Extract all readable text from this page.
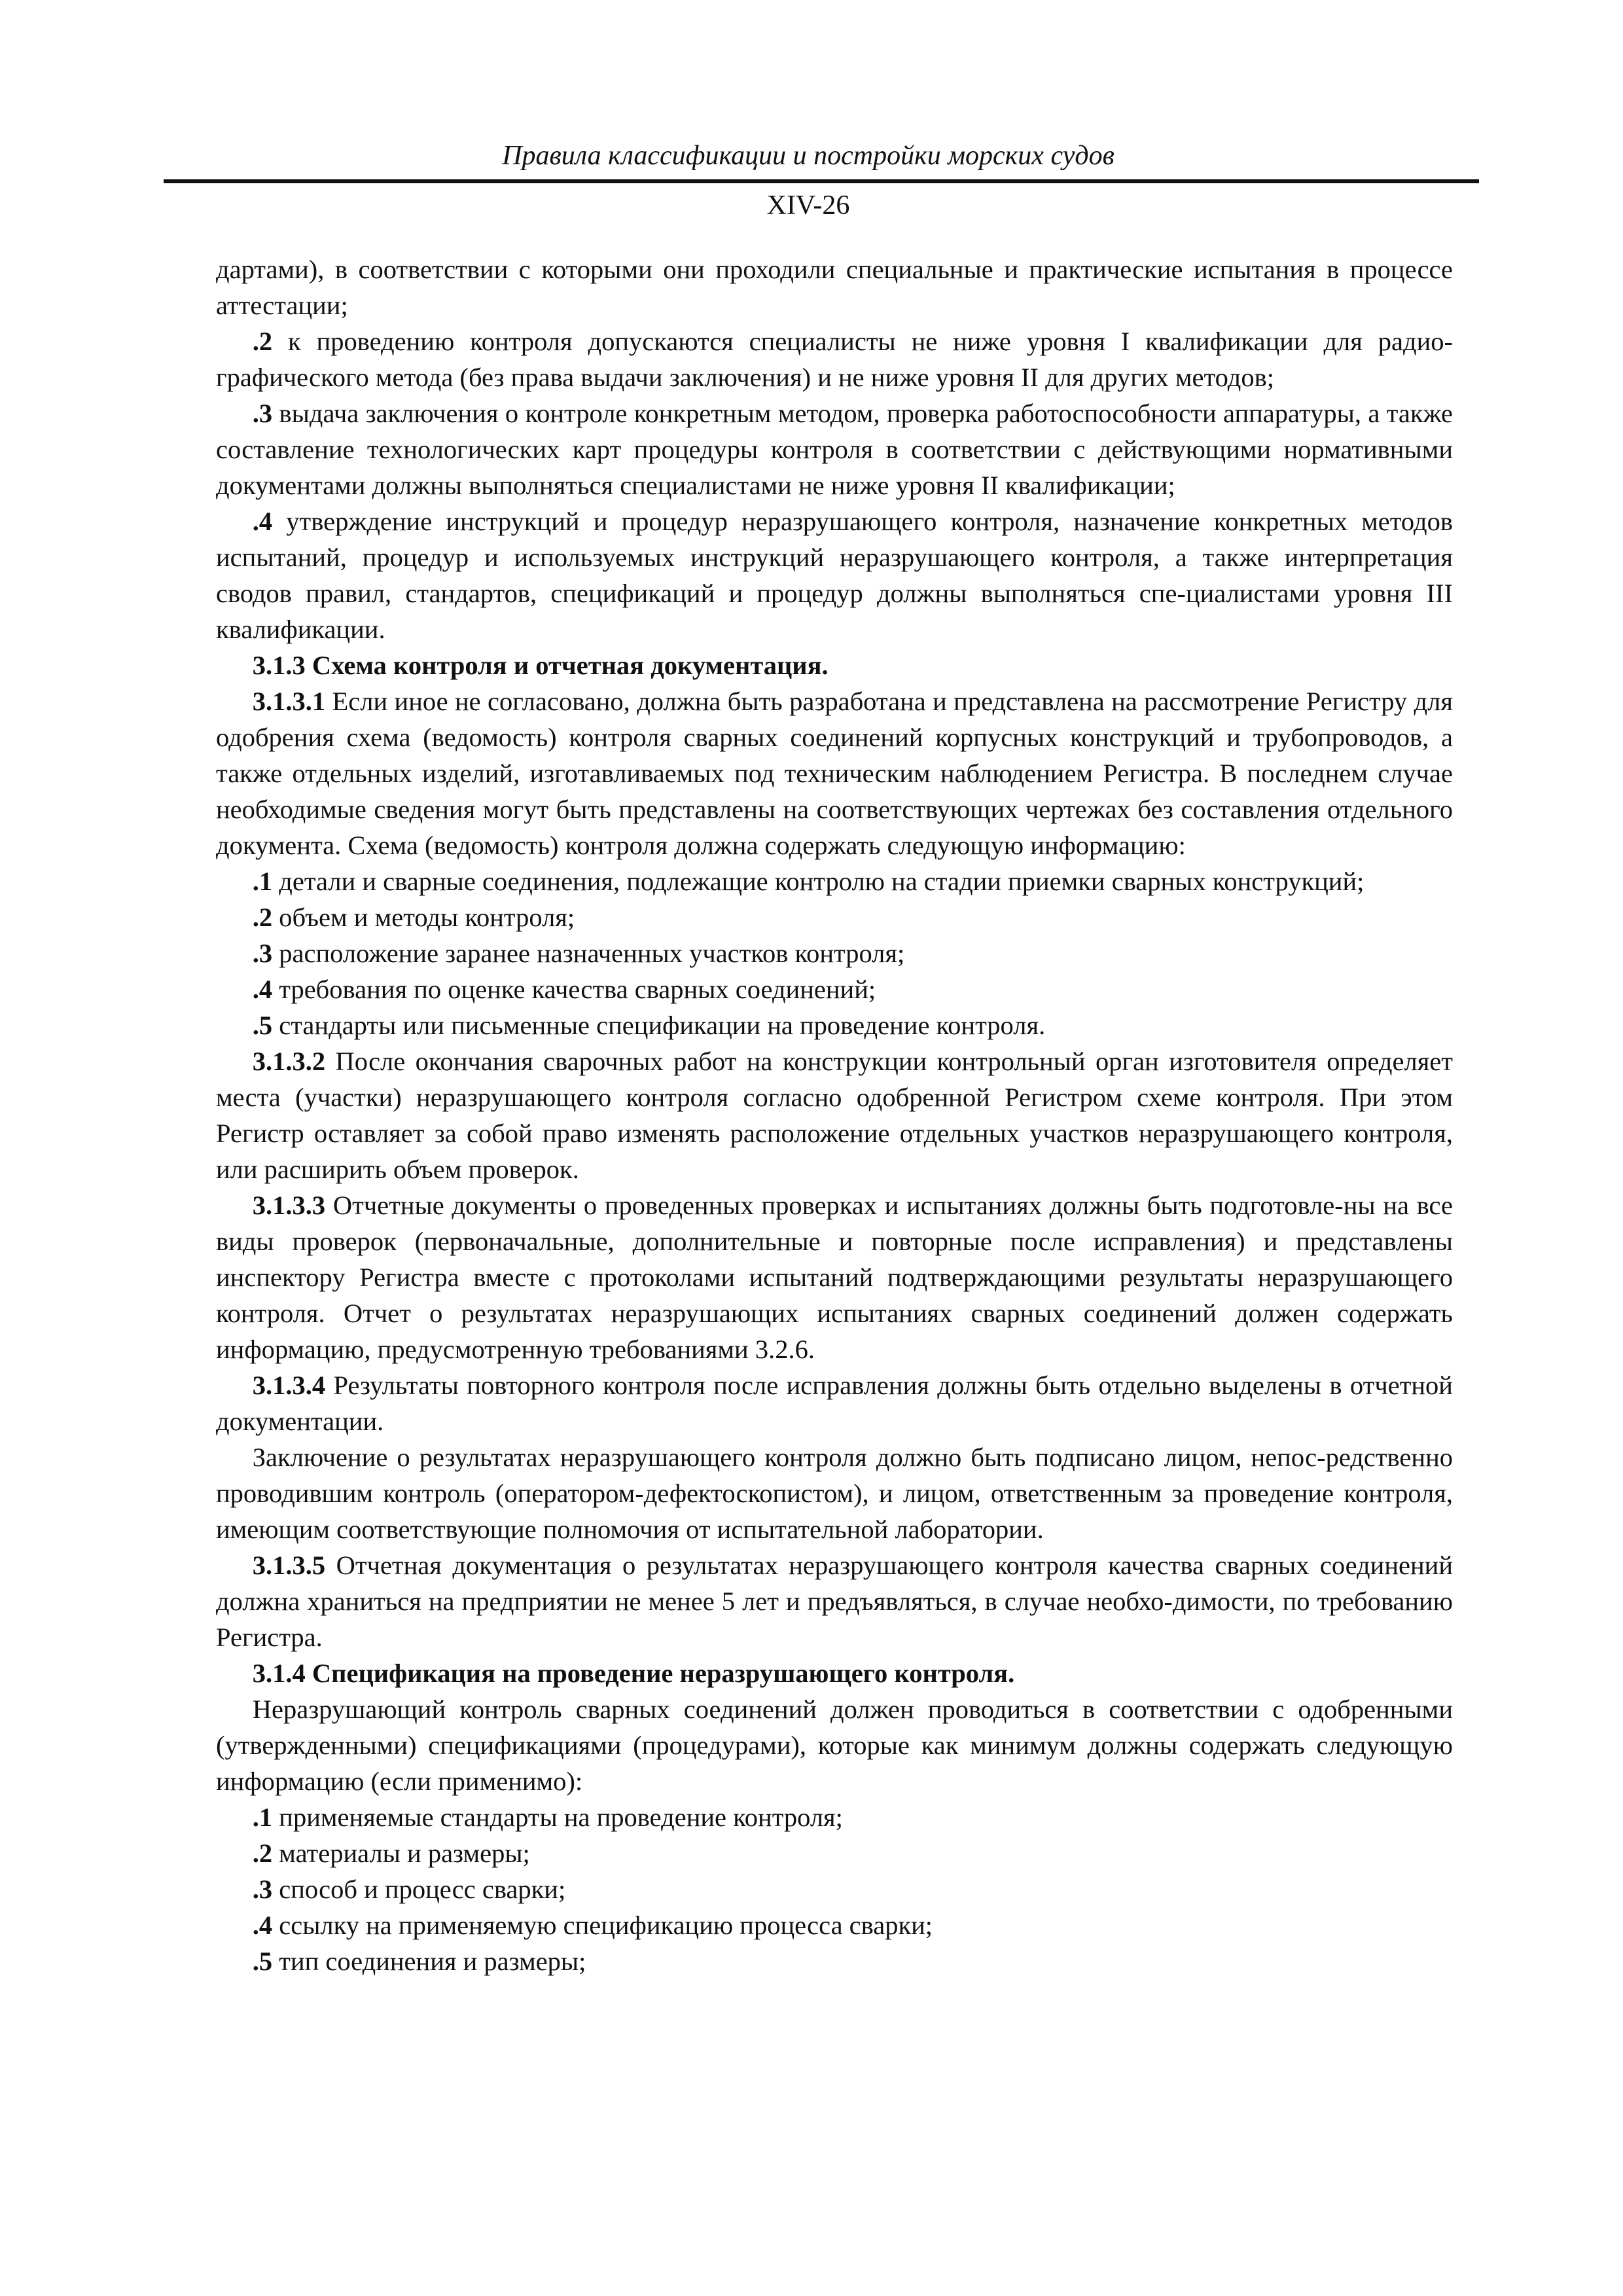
Правила классификации и постройки морских судов
XIV-26

дартами), в соответствии с которыми они проходили специальные и практические испытания в процессе аттестации;

.2 к проведению контроля допускаются специалисты не ниже уровня I квалификации для радио-графического метода (без права выдачи заключения) и не ниже уровня II для других методов;

.3 выдача заключения о контроле конкретным методом, проверка работоспособности аппаратуры, а также составление технологических карт процедуры контроля в соответствии с действующими нормативными документами должны выполняться специалистами не ниже уровня II квалификации;

.4 утверждение инструкций и процедур неразрушающего контроля, назначение конкретных методов испытаний, процедур и используемых инструкций неразрушающего контроля, а также интерпретация сводов правил, стандартов, спецификаций и процедур должны выполняться спе-циалистами уровня III квалификации.

3.1.3 Схема контроля и отчетная документация.

3.1.3.1 Если иное не согласовано, должна быть разработана и представлена на рассмотрение Регистру для одобрения схема (ведомость) контроля сварных соединений корпусных конструкций и трубопроводов, а также отдельных изделий, изготавливаемых под техническим наблюдением Регистра. В последнем случае необходимые сведения могут быть представлены на соответствующих чертежах без составления отдельного документа. Схема (ведомость) контроля должна содержать следующую информацию:

.1 детали и сварные соединения, подлежащие контролю на стадии приемки сварных конструкций;

.2 объем и методы контроля;

.3 расположение заранее назначенных участков контроля;

.4 требования по оценке качества сварных соединений;

.5 стандарты или письменные спецификации на проведение контроля.

3.1.3.2 После окончания сварочных работ на конструкции контрольный орган изготовителя определяет места (участки) неразрушающего контроля согласно одобренной Регистром схеме контроля. При этом Регистр оставляет за собой право изменять расположение отдельных участков неразрушающего контроля, или расширить объем проверок.

3.1.3.3 Отчетные документы о проведенных проверках и испытаниях должны быть подготовле-ны на все виды проверок (первоначальные, дополнительные и повторные после исправления) и представлены инспектору Регистра вместе с протоколами испытаний подтверждающими результаты неразрушающего контроля. Отчет о результатах неразрушающих испытаниях сварных соединений должен содержать информацию, предусмотренную требованиями 3.2.6.

3.1.3.4 Результаты повторного контроля после исправления должны быть отдельно выделены в отчетной документации.

Заключение о результатах неразрушающего контроля должно быть подписано лицом, непос-редственно проводившим контроль (оператором-дефектоскопистом), и лицом, ответственным за проведение контроля, имеющим соответствующие полномочия от испытательной лаборатории.

3.1.3.5 Отчетная документация о результатах неразрушающего контроля качества сварных соединений должна храниться на предприятии не менее 5 лет и предъявляться, в случае необхо-димости, по требованию Регистра.

3.1.4 Спецификация на проведение неразрушающего контроля.

Неразрушающий контроль сварных соединений должен проводиться в соответствии с одобренными (утвержденными) спецификациями (процедурами), которые как минимум должны содержать следующую информацию (если применимо):

.1 применяемые стандарты на проведение контроля;

.2 материалы и размеры;

.3 способ и процесс сварки;

.4 ссылку на применяемую спецификацию процесса сварки;

.5 тип соединения и размеры;
